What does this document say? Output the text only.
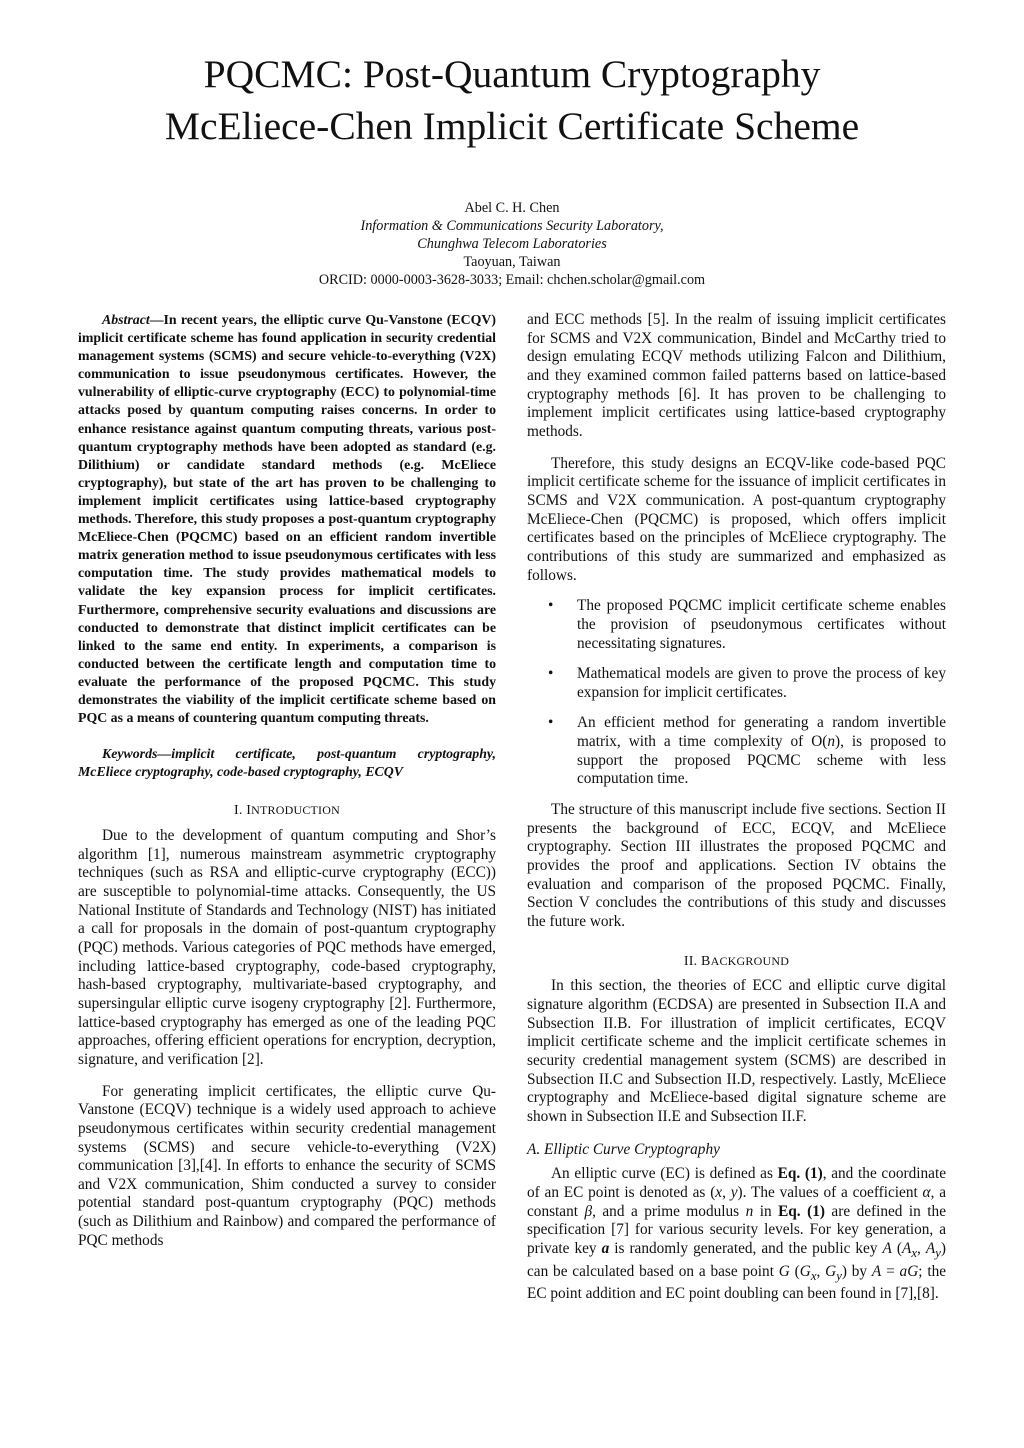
PQCMC: Post-Quantum Cryptography
McEliece-Chen Implicit Certificate Scheme
Abel C. H. Chen
Information & Communications Security Laboratory,
Chunghwa Telecom Laboratories
Taoyuan, Taiwan
ORCID: 0000-0003-3628-3033; Email: chchen.scholar@gmail.com

Abstract—In recent years, the elliptic curve Qu-Vanstone (ECQV) implicit certificate scheme has found application in security credential management systems (SCMS) and secure vehicle-to-everything (V2X) communication to issue pseudonymous certificates. However, the vulnerability of elliptic-curve cryptography (ECC) to polynomial-time attacks posed by quantum computing raises concerns. In order to enhance resistance against quantum computing threats, various post-quantum cryptography methods have been adopted as standard (e.g. Dilithium) or candidate standard methods (e.g. McEliece cryptography), but state of the art has proven to be challenging to implement implicit certificates using lattice-based cryptography methods. Therefore, this study proposes a post-quantum cryptography McEliece-Chen (PQCMC) based on an efficient random invertible matrix generation method to issue pseudonymous certificates with less computation time. The study provides mathematical models to validate the key expansion process for implicit certificates. Furthermore, comprehensive security evaluations and discussions are conducted to demonstrate that distinct implicit certificates can be linked to the same end entity. In experiments, a comparison is conducted between the certificate length and computation time to evaluate the performance of the proposed PQCMC. This study demonstrates the viability of the implicit certificate scheme based on PQC as a means of countering quantum computing threats.

Keywords—implicit certificate, post-quantum cryptography, McEliece cryptography, code-based cryptography, ECQV

I. INTRODUCTION

Due to the development of quantum computing and Shor’s algorithm [1], numerous mainstream asymmetric cryptography techniques (such as RSA and elliptic-curve cryptography (ECC)) are susceptible to polynomial-time attacks. Consequently, the US National Institute of Standards and Technology (NIST) has initiated a call for proposals in the domain of post-quantum cryptography (PQC) methods. Various categories of PQC methods have emerged, including lattice-based cryptography, code-based cryptography, hash-based cryptography, multivariate-based cryptography, and supersingular elliptic curve isogeny cryptography [2]. Furthermore, lattice-based cryptography has emerged as one of the leading PQC approaches, offering efficient operations for encryption, decryption, signature, and verification [2].

For generating implicit certificates, the elliptic curve Qu-Vanstone (ECQV) technique is a widely used approach to achieve pseudonymous certificates within security credential management systems (SCMS) and secure vehicle-to-everything (V2X) communication [3],[4]. In efforts to enhance the security of SCMS and V2X communication, Shim conducted a survey to consider potential standard post-quantum cryptography (PQC) methods (such as Dilithium and Rainbow) and compared the performance of PQC methods

and ECC methods [5]. In the realm of issuing implicit certificates for SCMS and V2X communication, Bindel and McCarthy tried to design emulating ECQV methods utilizing Falcon and Dilithium, and they examined common failed patterns based on lattice-based cryptography methods [6]. It has proven to be challenging to implement implicit certificates using lattice-based cryptography methods.

Therefore, this study designs an ECQV-like code-based PQC implicit certificate scheme for the issuance of implicit certificates in SCMS and V2X communication. A post-quantum cryptography McEliece-Chen (PQCMC) is proposed, which offers implicit certificates based on the principles of McEliece cryptography. The contributions of this study are summarized and emphasized as follows.

• The proposed PQCMC implicit certificate scheme enables the provision of pseudonymous certificates without necessitating signatures.
• Mathematical models are given to prove the process of key expansion for implicit certificates.
• An efficient method for generating a random invertible matrix, with a time complexity of O(n), is proposed to support the proposed PQCMC scheme with less computation time.

The structure of this manuscript include five sections. Section II presents the background of ECC, ECQV, and McEliece cryptography. Section III illustrates the proposed PQCMC and provides the proof and applications. Section IV obtains the evaluation and comparison of the proposed PQCMC. Finally, Section V concludes the contributions of this study and discusses the future work.

II. BACKGROUND

In this section, the theories of ECC and elliptic curve digital signature algorithm (ECDSA) are presented in Subsection II.A and Subsection II.B. For illustration of implicit certificates, ECQV implicit certificate scheme and the implicit certificate schemes in security credential management system (SCMS) are described in Subsection II.C and Subsection II.D, respectively. Lastly, McEliece cryptography and McEliece-based digital signature scheme are shown in Subsection II.E and Subsection II.F.

A. Elliptic Curve Cryptography

An elliptic curve (EC) is defined as Eq. (1), and the coordinate of an EC point is denoted as (x, y). The values of a coefficient α, a constant β, and a prime modulus n in Eq. (1) are defined in the specification [7] for various security levels. For key generation, a private key a is randomly generated, and the public key A ($A_x$, $A_y$) can be calculated based on a base point G ($G_x$, $G_y$) by A = aG; the EC point addition and EC point doubling can been found in [7],[8].
